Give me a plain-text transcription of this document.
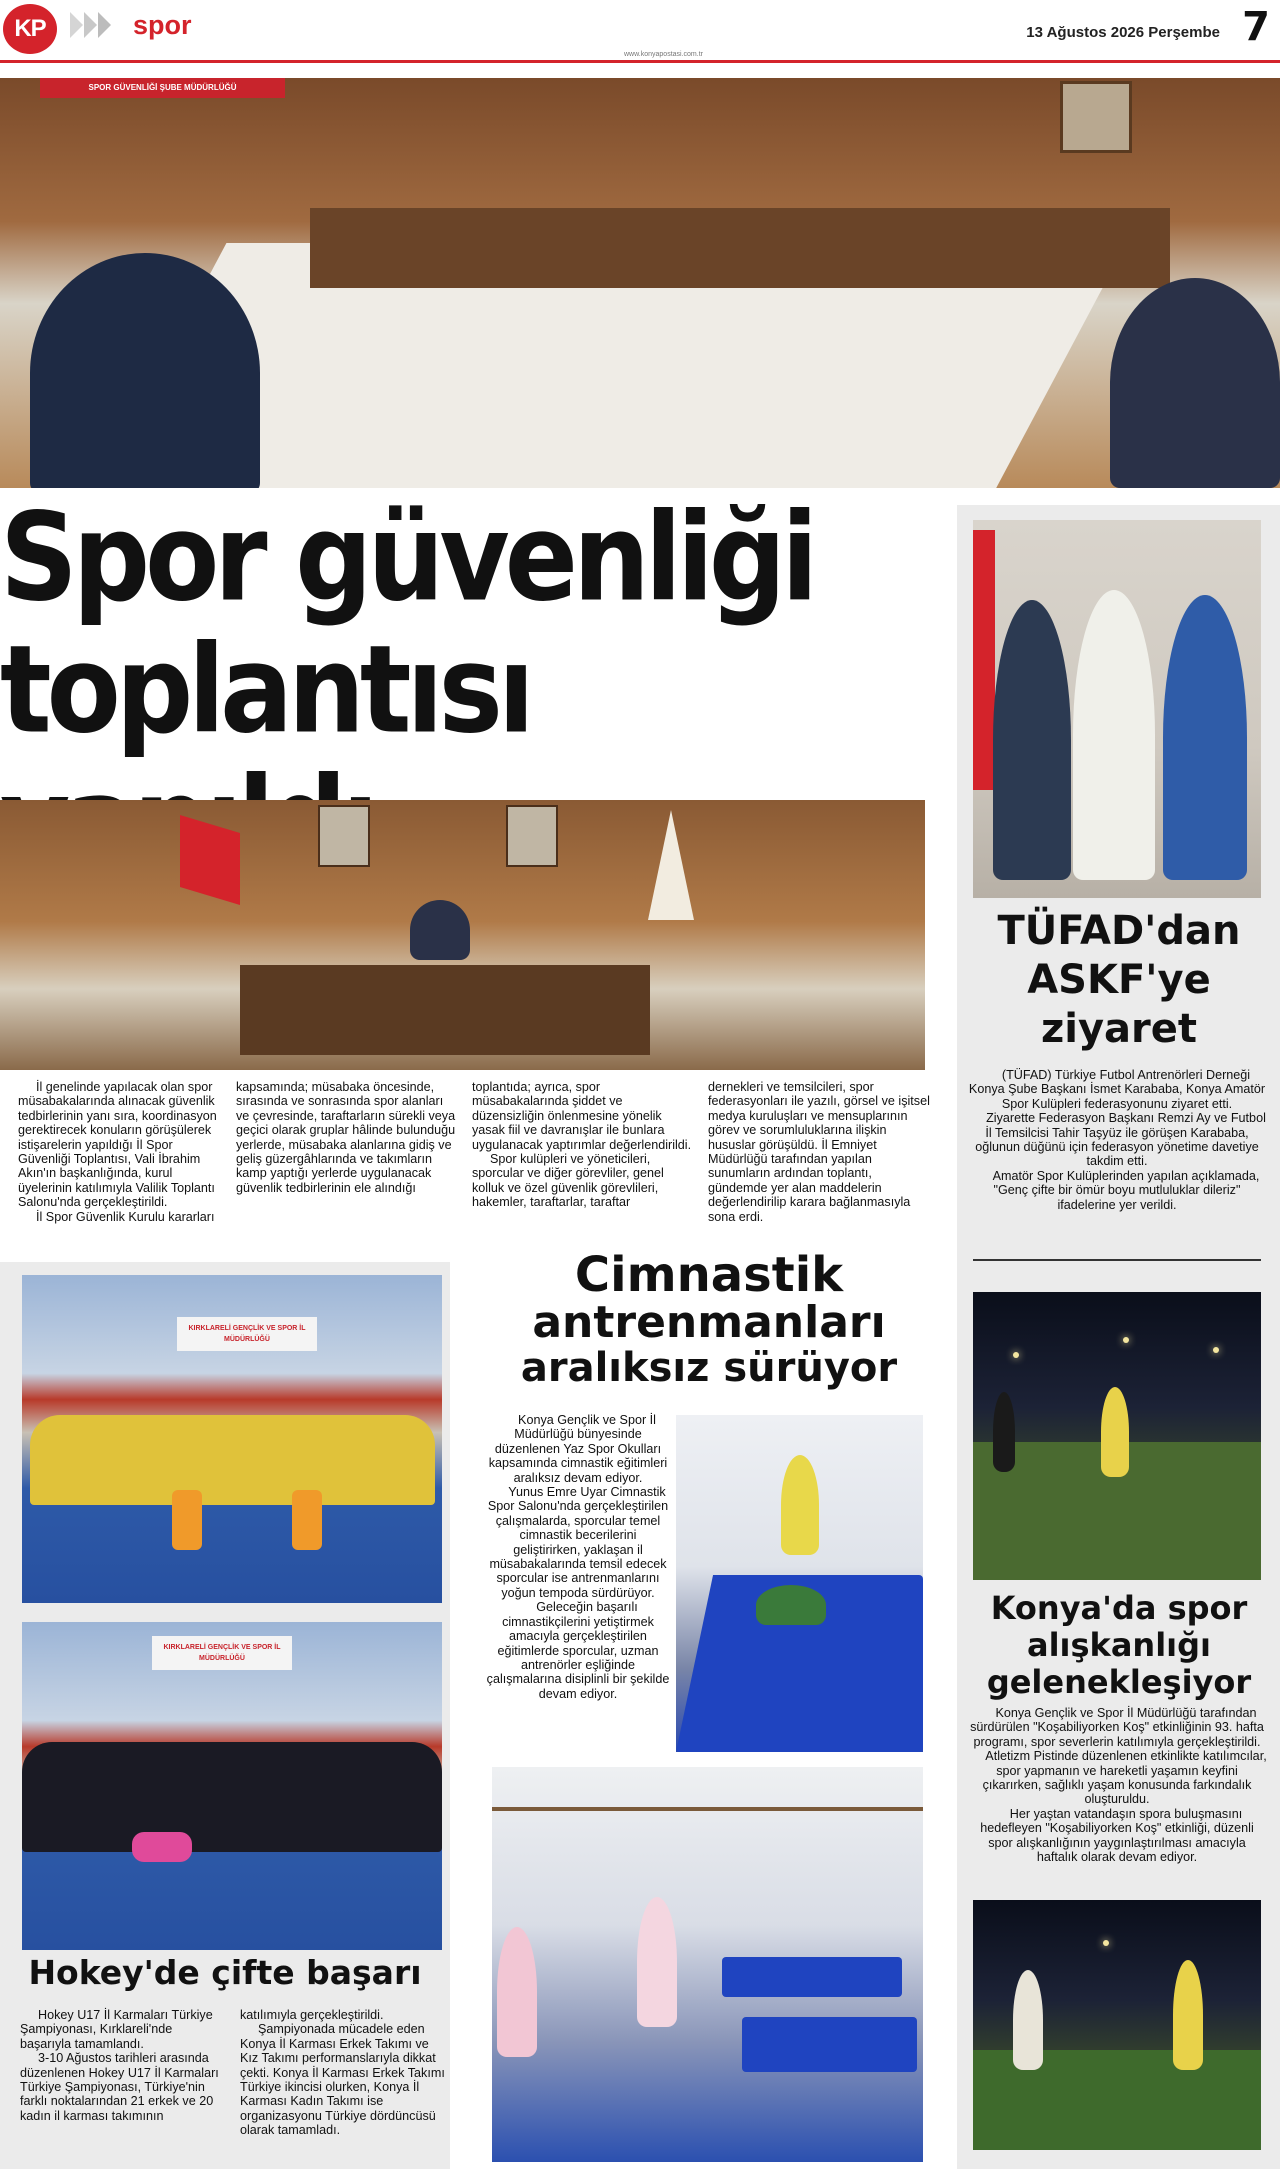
KP	spor	13 Ağustos 2026 Perşembe 7
www.konyapostasi.com.tr
SPOR GÜVENLİĞİ ŞUBE MÜDÜRLÜĞÜ
Spor güvenliği
toplantısı

İl genelinde yapılacak olan spor müsabakalarında alınacak güvenlik tedbirlerinin yanı sıra, koordinasyon gerektirecek konuların görüşülerek istişarelerin yapıldığı İl Spor Güvenliği Toplantısı, Vali İbrahim Akın'ın başkanlığında, kurul üyelerinin katılımıyla Valilik Toplantı Salonu'nda gerçekleştirildi.

İl Spor Güvenlik Kurulu kararları

kapsamında; müsabaka öncesinde, sırasında ve sonrasında spor alanları ve çevresinde, taraftarların sürekli veya geçici olarak gruplar hâlinde bulunduğu yerlerde, müsabaka alanlarına gidiş ve geliş güzergâhlarında ve takımların kamp yaptığı yerlerde uygulanacak güvenlik tedbirlerinin ele alındığı

toplantıda; ayrıca, spor müsabakalarında şiddet ve düzensizliğin önlenmesine yönelik yasak fiil ve davranışlar ile bunlara uygulanacak yaptırımlar değerlendirildi.

Spor kulüpleri ve yöneticileri, sporcular ve diğer görevliler, genel kolluk ve özel güvenlik görevlileri, hakemler, taraftarlar, taraftar

dernekleri ve temsilcileri, spor federasyonları ile yazılı, görsel ve işitsel medya kuruluşları ve mensuplarının görev ve sorumluluklarına ilişkin hususlar görüşüldü. İl Emniyet Müdürlüğü tarafından yapılan sunumların ardından toplantı, gündemde yer alan maddelerin değerlendirilip karara bağlanmasıyla sona erdi.

TÜFAD'dan
ASKF'ye
ziyaret

(TÜFAD) Türkiye Futbol Antrenörleri Derneği Konya Şube Başkanı İsmet Karababa, Konya Amatör Spor Kulüpleri federasyonunu ziyaret etti.

Ziyarette Federasyon Başkanı Remzi Ay ve Futbol İl Temsilcisi Tahir Taşyüz ile görüşen Karababa, oğlunun düğünü için federasyon yönetime davetiye takdim etti.

Amatör Spor Kulüplerinden yapılan açıklamada, "Genç çifte bir ömür boyu mutluluklar dileriz" ifadelerine yer verildi.

Konya'da spor
alışkanlığı
gelenekleşiyor

Konya Gençlik ve Spor İl Müdürlüğü tarafından sürdürülen "Koşabiliyorken Koş" etkinliğinin 93. hafta programı, spor severlerin katılımıyla gerçekleştirildi.

Atletizm Pistinde düzenlenen etkinlikte katılımcılar, spor yapmanın ve hareketli yaşamın keyfini çıkarırken, sağlıklı yaşam konusunda farkındalık oluşturuldu.

Her yaştan vatandaşın spora buluşmasını hedefleyen "Koşabiliyorken Koş" etkinliği, düzenli spor alışkanlığının yaygınlaştırılması amacıyla haftalık olarak devam ediyor.

KIRKLARELİ GENÇLİK VE SPOR İL MÜDÜRLÜĞÜ
KIRKLARELİ GENÇLİK VE SPOR İL MÜDÜRLÜĞÜ
Hokey'de çifte başarı

Hokey U17 İl Karmaları Türkiye Şampiyonası, Kırklareli'nde başarıyla tamamlandı.

3-10 Ağustos tarihleri arasında düzenlenen Hokey U17 İl Karmaları Türkiye Şampiyonası, Türkiye'nin farklı noktalarından 21 erkek ve 20 kadın il karması takımının

katılımıyla gerçekleştirildi.

Şampiyonada mücadele eden Konya İl Karması Erkek Takımı ve Kız Takımı performanslarıyla dikkat çekti. Konya İl Karması Erkek Takımı Türkiye ikincisi olurken, Konya İl Karması Kadın Takımı ise organizasyonu Türkiye dördüncüsü olarak tamamladı.

Cimnastik
antrenmanları
aralıksız sürüyor

Konya Gençlik ve Spor İl Müdürlüğü bünyesinde düzenlenen Yaz Spor Okulları kapsamında cimnastik eğitimleri aralıksız devam ediyor.

Yunus Emre Uyar Cimnastik Spor Salonu'nda gerçekleştirilen çalışmalarda, sporcular temel cimnastik becerilerini geliştirirken, yaklaşan il müsabakalarında temsil edecek sporcular ise antrenmanlarını yoğun tempoda sürdürüyor.

Geleceğin başarılı cimnastikçilerini yetiştirmek amacıyla gerçekleştirilen eğitimlerde sporcular, uzman antrenörler eşliğinde çalışmalarına disiplinli bir şekilde devam ediyor.
